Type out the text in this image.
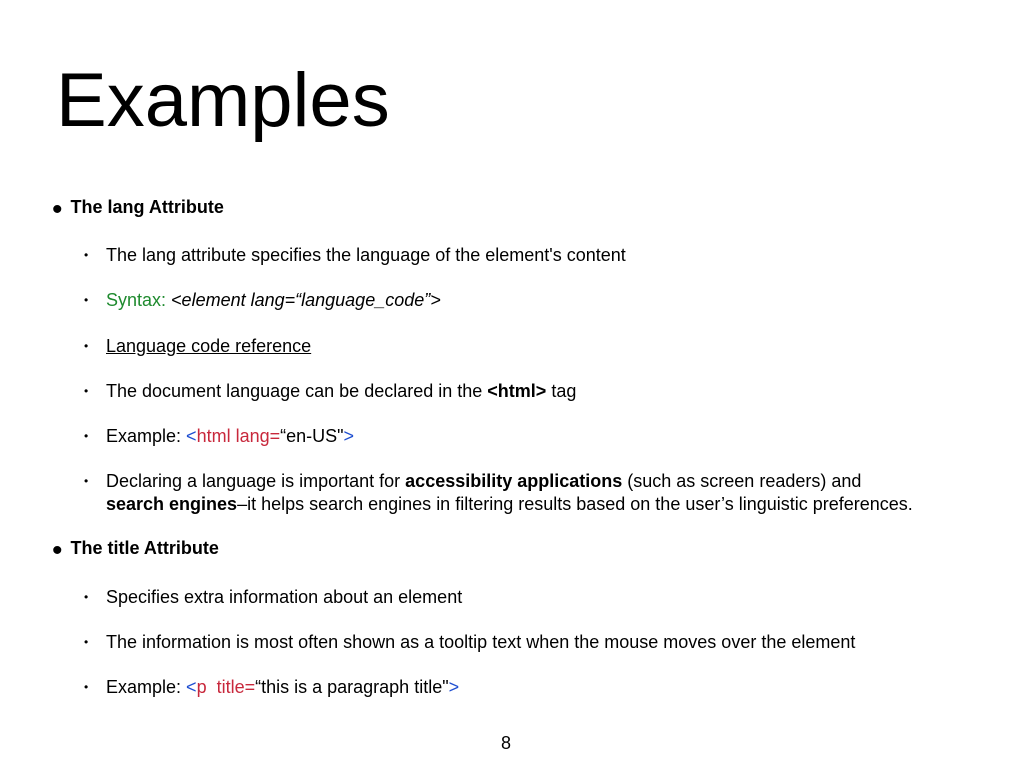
Examples
• The lang Attribute
• The lang attribute specifies the language of the element's content
• Syntax: <element lang=“language_code”>
• Language code reference
• The document language can be declared in the <html> tag
• Example: <html lang=“en-US">
• Declaring a language is important for accessibility applications (such as screen readers) and
search engines–it helps search engines in filtering results based on the user’s linguistic preferences.
• The title Attribute
• Specifies extra information about an element
• The information is most often shown as a tooltip text when the mouse moves over the element
• Example: <p  title=“this is a paragraph title">
8
